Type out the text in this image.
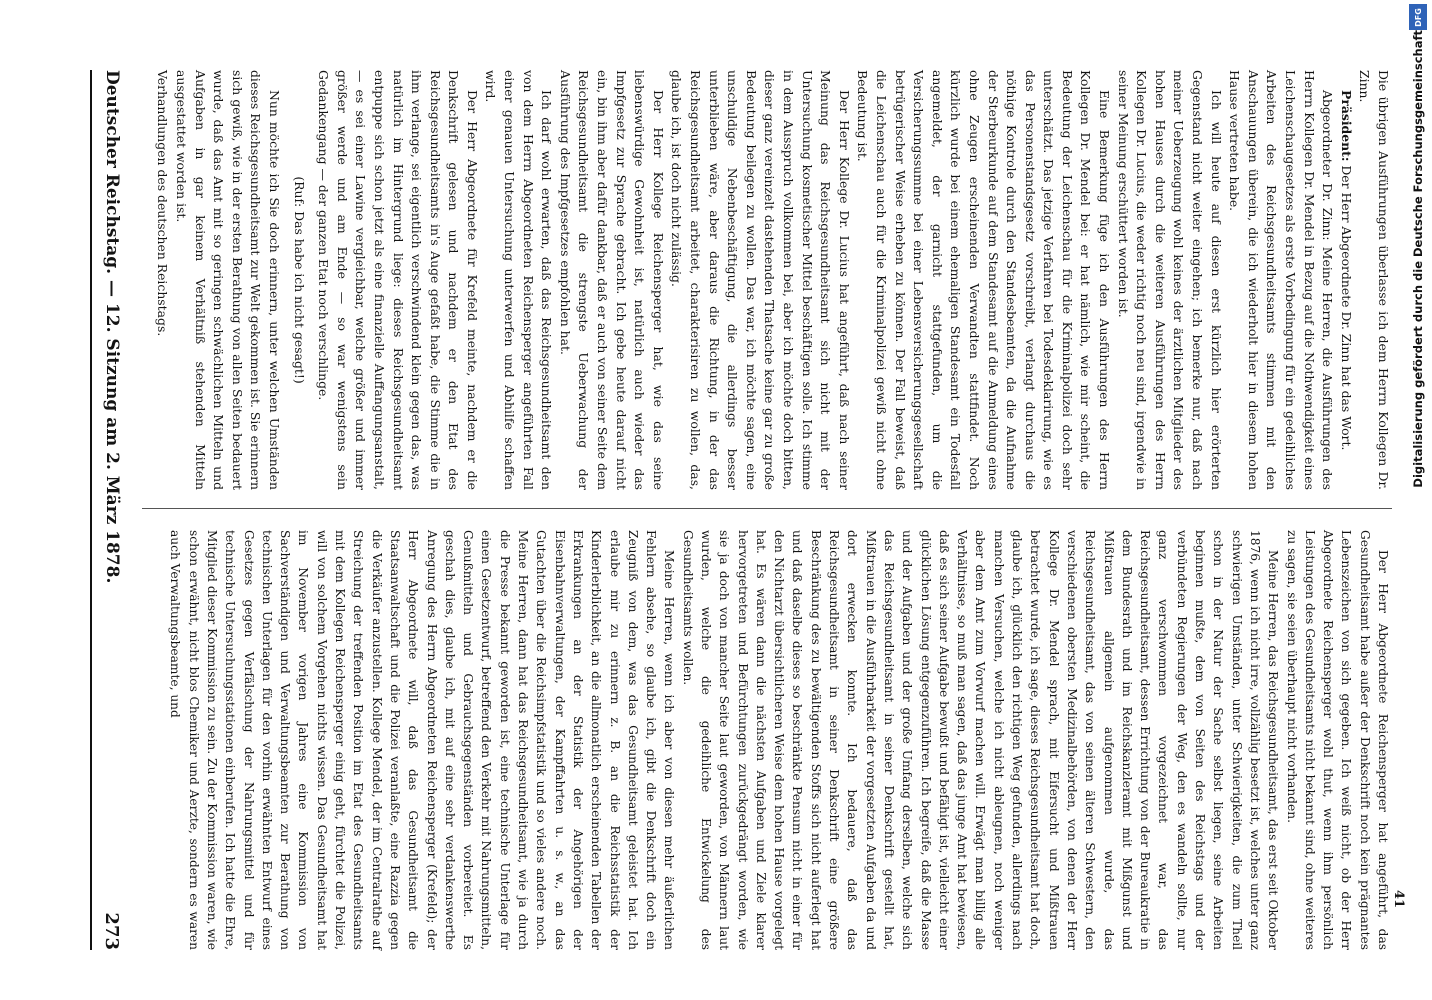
Deutscher Reichstag. — 12. Sitzung am 2. März 1878.
273

Die übrigen Ausführungen überlasse ich dem Herrn Kollegen Dr. Zinn.

Präsident: Der Herr Abgeordnete Dr. Zinn hat das Wort.

Abgeordneter Dr. Zinn: Meine Herren, die Ausführungen des Herrn Kollegen Dr. Mendel in Bezug auf die Nothwendigkeit eines Leichenschaugesetzes als erste Vorbedingung für ein gedeihliches Arbeiten des Reichsgesundheitsamts stimmen mit den Anschauungen überein, die ich wiederholt hier in diesem hohen Hause vertreten habe.

Ich will heute auf diesen erst kürzlich hier erörterten Gegenstand nicht weiter eingehen; ich bemerke nur, daß nach meiner Ueberzeugung wohl keines der ärztlichen Mitglieder des hohen Hauses durch die weiteren Ausführungen des Herrn Kollegen Dr. Lucius, die weder richtig noch neu sind, irgendwie in seiner Meinung erschüttert worden ist.

Eine Bemerkung füge ich den Ausführungen des Herrn Kollegen Dr. Mendel bei: er hat nämlich, wie mir scheint, die Bedeutung der Leichenschau für die Kriminalpolizei doch sehr unterschätzt. Das jetzige Verfahren bei Todesdeklarirung, wie es das Personenstandsgesetz vorschreibt, verlangt durchaus die nöthige Kontrole durch den Standesbeamten, da die Aufnahme der Sterbeurkunde auf dem Standesamt auf die Anmeldung eines ohne Zeugen erscheinenden Verwandten stattfindet. Noch kürzlich wurde bei einem ehemaligen Standesamt ein Todesfall angemeldet, der garnicht stattgefunden, um die Versicherungssumme bei einer Lebensversicherungsgesellschaft betrügerischer Weise erheben zu können. Der Fall beweist, daß die Leichenschau auch für die Kriminalpolizei gewiß nicht ohne Bedeutung ist.

Der Herr Kollege Dr. Lucius hat angeführt, daß nach seiner Meinung das Reichsgesundheitsamt sich nicht mit der Untersuchung kosmetischer Mittel beschäftigen solle. Ich stimme in dem Ausspruch vollkommen bei, aber ich möchte doch bitten, dieser ganz vereinzelt dastehenden Thatsache keine gar zu große Bedeutung beilegen zu wollen. Das war, ich möchte sagen, eine unschuldige Nebenbeschäftigung, die allerdings besser unterblieben wäre, aber daraus die Richtung, in der das Reichsgesundheitsamt arbeitet, charakterisiren zu wollen, das, glaube ich, ist doch nicht zulässig.

Der Herr Kollege Reichensperger hat, wie das seine liebenswürdige Gewohnheit ist, natürlich auch wieder das Impfgesetz zur Sprache gebracht. Ich gebe heute darauf nicht ein, bin ihm aber dafür dankbar, daß er auch von seiner Seite dem Reichsgesundheitsamt die strengste Ueberwachung der Ausführung des Impfgesetzes empfohlen hat.

Ich darf wohl erwarten, daß das Reichsgesundheitsamt den von dem Herrn Abgeordneten Reichensperger angeführten Fall einer genauen Untersuchung unterwerfen und Abhilfe schaffen wird.

Der Herr Abgeordnete für Krefeld meinte, nachdem er die Denkschrift gelesen und nachdem er den Etat des Reichsgesundheitsamts in's Auge gefaßt habe, die Stimme die in ihm verlange, sei eigentlich verschwindend klein gegen das, was natürlich im Hintergrund liege: dieses Reichsgesundheitsamt entpuppe sich schon jetzt als eine finanzielle Auffangungsanstalt, — es sei einer Lawine vergleichbar, welche größer und immer größer werde und am Ende — so war wenigstens sein Gedankengang — der ganzen Etat noch verschlinge.

(Ruf: Das habe ich nicht gesagt!)

Nun möchte ich Sie doch erinnern, unter welchen Umständen dieses Reichsgesundheitsamt zur Welt gekommen ist. Sie erinnern sich gewiß, wie in der ersten Berathung von allen Seiten bedauert wurde, daß das Amt mit so geringen schwächlichen Mitteln und Aufgaben in gar keinem Verhältniß stehenden Mitteln ausgestattet worden ist.

Verhandlungen des deutschen Reichstags.

Der Herr Abgeordnete Reichensperger hat angeführt, das Gesundheitsamt habe außer der Denkschrift noch kein prägnantes Lebenszeichen von sich gegeben. Ich weiß nicht, ob der Herr Abgeordnete Reichensperger wohl thut, wenn ihm persönlich Leistungen des Gesundheitsamts nicht bekannt sind, ohne weiteres zu sagen, sie seien überhaupt nicht vorhanden.

Meine Herren, das Reichsgesundheitsamt, das erst seit Oktober 1876, wenn ich nicht irre, vollzählig besetzt ist, welches unter ganz schwierigen Umständen, unter Schwierigkeiten, die zum Theil schon in der Natur der Sache selbst liegen, seine Arbeiten beginnen mußte, dem von Seiten des Reichstags und der verbündeten Regierungen der Weg, den es wandeln sollte, nur ganz verschwommen vorgezeichnet war, das Reichsgesundheitsamt, dessen Errichtung von der Bureaukratie in dem Bundesrath und im Reichskanzleramt mit Mißgunst und Mißtrauen allgemein aufgenommen wurde, das Reichsgesundheitsamt, das von seinen älteren Schwestern, den verschiedenen obersten Medizinalbehörden, von denen der Herr Kollege Dr. Mendel sprach, mit Eifersucht und Mißtrauen betrachtet wurde, ich sage, dieses Reichsgesundheitsamt hat doch, glaube ich, glücklich den richtigen Weg gefunden, allerdings nach manchen Versuchen, welche ich nicht ableugnen, noch weniger aber dem Amt zum Vorwurf machen will. Erwägt man billig alle Verhältnisse, so muß man sagen, daß das junge Amt hat bewiesen, daß es sich seiner Aufgabe bewußt und befähigt ist, vielleicht einer glücklichen Lösung entgegenzuführen. Ich begreife, daß die Masse und der Aufgaben und der große Umfang derselben, welche sich das Reichsgesundheitsamt in seiner Denkschrift gestellt hat, Mißtrauen in die Ausführbarkeit der vorgesetzten Aufgaben da und dort erwecken konnte. Ich bedauere, daß das Reichsgesundheitsamt in seiner Denkschrift eine größere Beschränkung des zu bewältigenden Stoffs sich nicht auferlegt hat und daß daselbe dieses so beschränkte Pensum nicht in einer für den Nichtarzt übersichtlicheren Weise dem hohen Hause vorgelegt hat. Es wären dann die nächsten Aufgaben und Ziele klarer hervorgetreten und Befürchtungen zurückgedrängt worden, wie sie ja doch von mancher Seite laut geworden, von Männern laut wurden, welche die gedeihliche Entwickelung des Gesundheitsamts wollen.

Meine Herren, wenn ich aber von diesen mehr äußerlichen Fehlern absehe, so glaube ich, gibt die Denkschrift doch ein Zeugniß von dem, was das Gesundheitsamt geleistet hat. Ich erlaube mir zu erinnern z. B. an die Reichsstatistik der Kinderlerblichkeit, an die allmonatlich erscheinenden Tabellen der Erkrankungen an der Statistik der Angehörigen der Eisenbahnverwaltungen, der Kampffahrten u. s. w., an das Gutachten über die Reichsimpfstatistik und so vieles andere noch. Meine Herren, dann hat das Reichsgesundheitsamt, wie ja durch die Presse bekannt geworden ist, eine technische Unterlage für einen Gesetzentwurf, betreffend den Verkehr mit Nahrungsmitteln, Genußmitteln und Gebrauchsgegenständen vorbereitet. Es geschah dies, glaube ich, mit auf eine sehr verdankenswerthe Anregung des Herrn Abgeordneten Reichensperger (Krefeld); der Herr Abgeordnete will, daß das Gesundheitsamt die Staatsanwaltschaft und die Polizei veranlaßte, eine Razzia gegen die Verkäufer anzustellen. Kollege Mendel, der im Centralrathe auf Streichung der treffenden Position im Etat des Gesundheitsamts mit dem Kollegen Reichensperger einig geht, fürchtet die Polizei, will von solchem Vorgehen nichts wissen. Das Gesundheitsamt hat im November vorigen Jahres eine Kommission von Sachverständigen und Verwaltungsbeamten zur Berathung von technischen Unterlagen für den vorhin erwähnten Entwurf eines Gesetzes gegen Verfälschung der Nahrungsmittel und für technische Untersuchungsstationen einberufen. Ich hatte die Ehre, Mitglied dieser Kommission zu sein. Zu der Kommission waren, wie schon erwähnt, nicht blos Chemiker und Aerzte, sondern es waren auch Verwaltungsbeamte, und

41
Digitalisierung gefördert durch die Deutsche Forschungsgemeinschaft
DFG
